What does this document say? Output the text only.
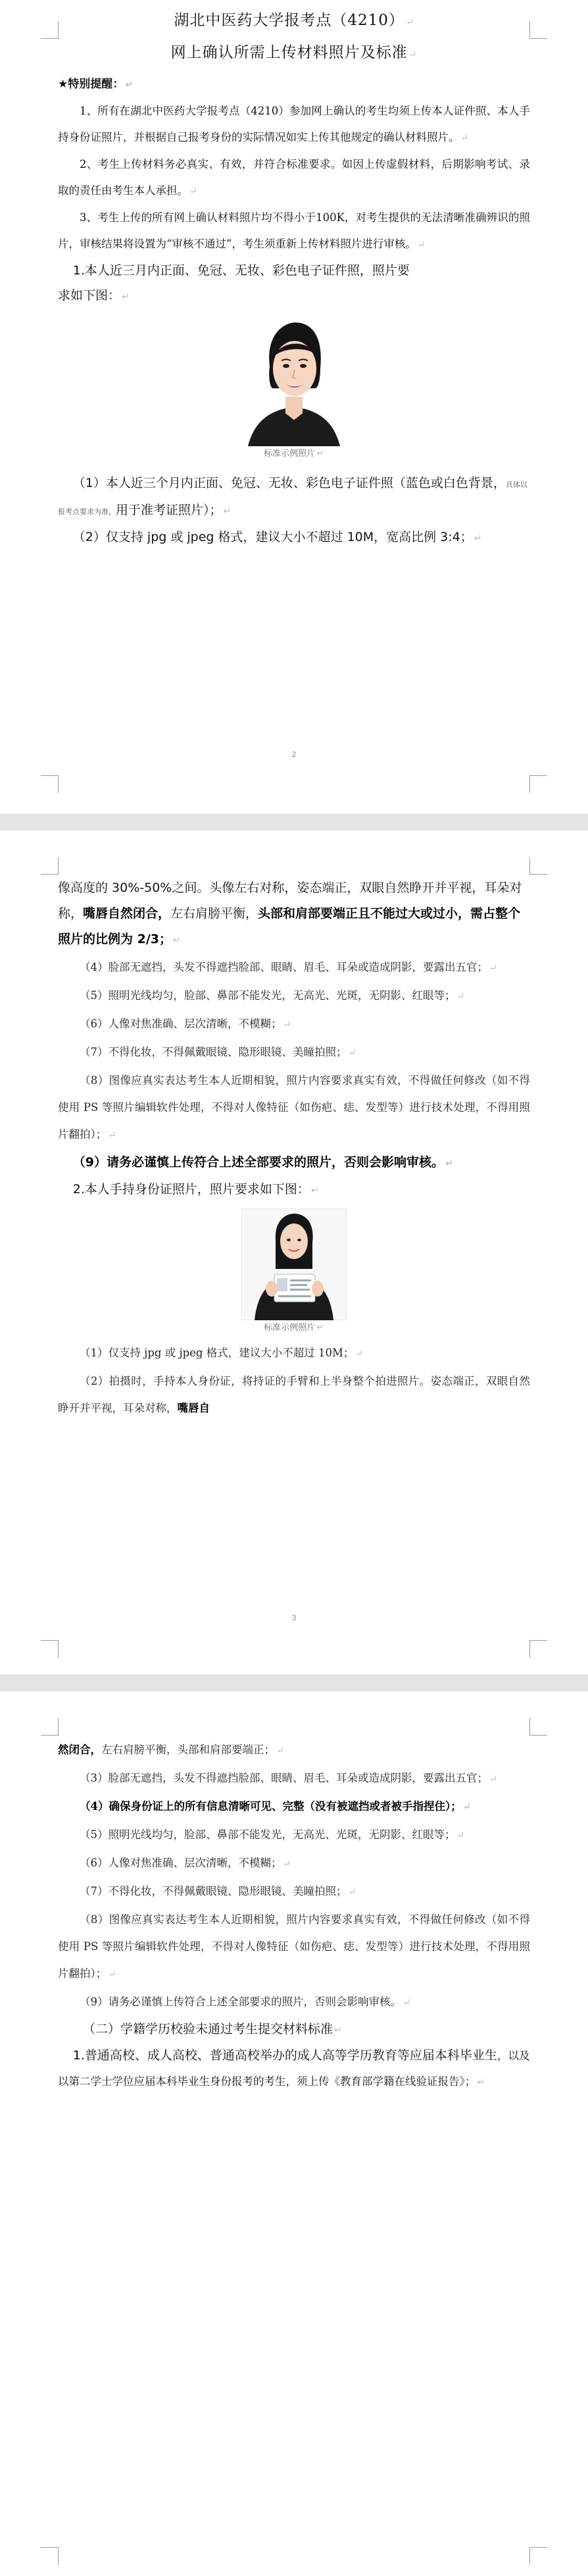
湖北中医药大学报考点（4210） ↵

网上确认所需上传材料照片及标准 ↵

★特别提醒： ↵

1、所有在湖北中医药大学报考点（4210）参加网上确认的考生均须上传本人证件照、本人手持身份证照片，并根据自己报考身份的实际情况如实上传其他规定的确认材料照片。 ↵

2、考生上传材料务必真实、有效，并符合标准要求。如因上传虚假材料，后期影响考试、录取的责任由考生本人承担。 ↵

3、考生上传的所有网上确认材料照片均不得小于100K，对考生提供的无法清晰准确辨识的照片，审核结果将设置为“审核不通过”，考生须重新上传材料照片进行审核。 ↵

1.本人近三月内正面、免冠、无妆、彩色电子证件照，照片要

求如下图： ↵

标准示例照片 ↵

（1）本人近三个月内正面、免冠、无妆、彩色电子证件照（蓝色或白色背景，具体以报考点要求为准，用于准考证照片）； ↵

（2）仅支持 jpg 或 jpeg 格式，建议大小不超过 10M，宽高比例 3:4； ↵

2

像高度的 30%-50%之间。头像左右对称，姿态端正，双眼自然睁开并平视，耳朵对称，嘴唇自然闭合，左右肩膀平衡，头部和肩部要端正且不能过大或过小，需占整个照片的比例为 2/3； ↵

（4）脸部无遮挡，头发不得遮挡脸部、眼睛、眉毛、耳朵或造成阴影，要露出五官； ↵

（5）照明光线均匀，脸部、鼻部不能发光，无高光、光斑，无阴影、红眼等； ↵

（6）人像对焦准确、层次清晰，不模糊； ↵

（7）不得化妆，不得佩戴眼镜、隐形眼镜、美瞳拍照； ↵

（8）图像应真实表达考生本人近期相貌，照片内容要求真实有效，不得做任何修改（如不得使用 PS 等照片编辑软件处理，不得对人像特征（如伤疤、痣、发型等）进行技术处理，不得用照片翻拍）； ↵

（9）请务必谨慎上传符合上述全部要求的照片，否则会影响审核。 ↵

2.本人手持身份证照片，照片要求如下图： ↵

标准示例照片 ↵

（1）仅支持 jpg 或 jpeg 格式，建议大小不超过 10M； ↵

（2）拍摄时，手持本人身份证，将持证的手臂和上半身整个拍进照片。姿态端正，双眼自然睁开并平视，耳朵对称，嘴唇自

3

然闭合，左右肩膀平衡，头部和肩部要端正； ↵

（3）脸部无遮挡，头发不得遮挡脸部、眼睛、眉毛、耳朵或造成阴影，要露出五官； ↵

（4）确保身份证上的所有信息清晰可见、完整（没有被遮挡或者被手指捏住）； ↵

（5）照明光线均匀，脸部、鼻部不能发光，无高光、光斑，无阴影、红眼等； ↵

（6）人像对焦准确、层次清晰，不模糊； ↵

（7）不得化妆，不得佩戴眼镜、隐形眼镜、美瞳拍照； ↵

（8）图像应真实表达考生本人近期相貌，照片内容要求真实有效，不得做任何修改（如不得使用 PS 等照片编辑软件处理，不得对人像特征（如伤疤、痣、发型等）进行技术处理，不得用照片翻拍）； ↵

（9）请务必谨慎上传符合上述全部要求的照片，否则会影响审核。 ↵

（二）学籍学历校验未通过考生提交材料标准 ↵

1.普通高校、成人高校、普通高校举办的成人高等学历教育等应届本科毕业生，以及以第二学士学位应届本科毕业生身份报考的考生，须上传《教育部学籍在线验证报告》； ↵
